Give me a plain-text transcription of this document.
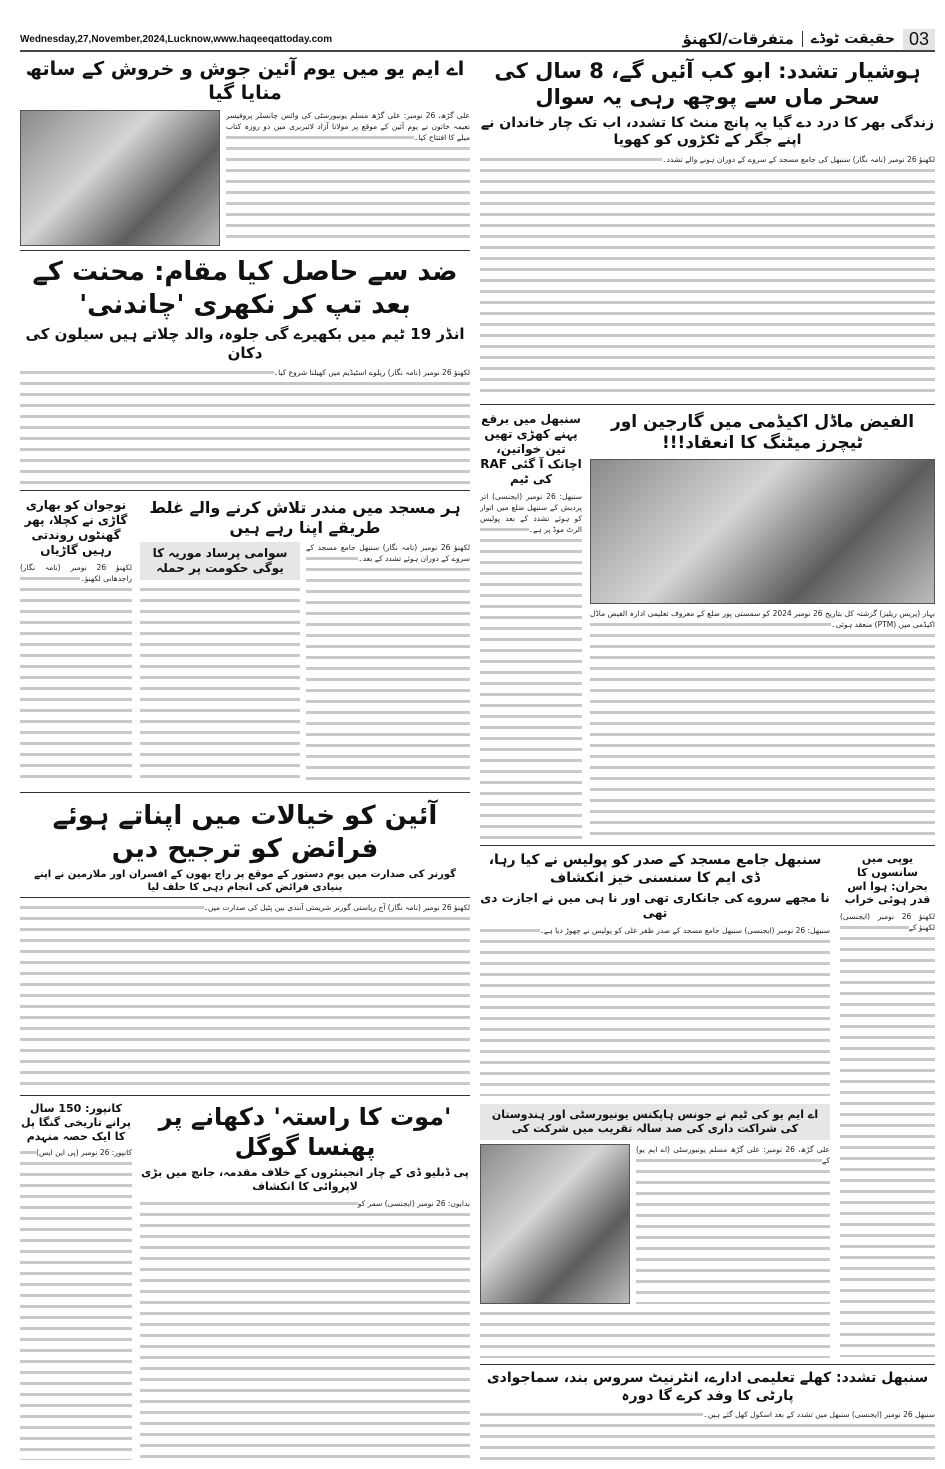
Wednesday,27,November,2024,Lucknow,www.haqeeqattoday.com	03
حقیقت ٹوڈے
متفرقات/لکھنؤ
اے ایم یو میں یوم آئین جوش و خروش کے ساتھ منایا گیا
علی گڑھ، 26 نومبر: علی گڑھ مسلم یونیورسٹی کی وائس چانسلر پروفیسر نعیمہ خاتون نے یوم آئین کے موقع پر مولانا آزاد لائبریری میں دو روزہ کتاب میلے کا افتتاح کیا۔
ہوشیار تشدد: ابو کب آئیں گے، 8 سال کی سحر ماں سے پوچھ رہی یہ سوال
زندگی بھر کا درد دے گیا یہ پانچ منٹ کا تشدد، اب تک چار خاندان نے اپنے جگر کے ٹکڑوں کو کھویا
لکھنؤ 26 نومبر (نامہ نگار) سنبھل کی جامع مسجد کے سروے کے دوران ہونے والے تشدد۔
ضد سے حاصل کیا مقام: محنت کے بعد تپ کر نکھری 'چاندنی'
انڈر 19 ٹیم میں بکھیرے گی جلوہ، والد چلاتے ہیں سیلون کی دکان
لکھنؤ 26 نومبر (نامہ نگار) ریلوے اسٹیڈیم میں کھیلنا شروع کیا۔
الفیض ماڈل اکیڈمی میں گارجین اور ٹیچرز میٹنگ کا انعقاد!!!
بہار (پریس ریلیز) گزشتہ کل بتاریخ 26 نومبر 2024 کو سمستی پور ضلع کے معروف تعلیمی ادارہ الفیض ماڈل اکیڈمی میں (PTM) منعقد ہوئی۔
سنبھل میں برقع پہنے کھڑی تھیں تین خواتین، اچانک آ گئی RAF کی ٹیم
سنبھل: 26 نومبر (ایجنسی) اتر پردیش کے سنبھل ضلع میں اتوار کو ہوئے تشدد کے بعد پولیس الرٹ موڈ پر ہے۔
ہر مسجد میں مندر تلاش کرنے والے غلط طریقے اپنا رہے ہیں
سوامی پرساد موریہ کا یوگی حکومت پر حملہ
لکھنؤ 26 نومبر (نامہ نگار) سنبھل جامع مسجد کے سروے کے دوران ہوئے تشدد کے بعد۔
نوجوان کو بھاری گاڑی نے کچلا، پھر گھنٹوں روندتی رہیں گاڑیاں
لکھنؤ 26 نومبر (نامہ نگار) راجدھانی لکھنؤ۔
آئین کو خیالات میں اپناتے ہوئے فرائض کو ترجیح دیں
گورنر کی صدارت میں یوم دستور کے موقع پر راج بھون کے افسران اور ملازمین نے اپنے بنیادی فرائض کی انجام دہی کا حلف لیا
لکھنؤ 26 نومبر (نامہ نگار) آج ریاستی گورنر شریمتی آنندی بین پٹیل کی صدارت میں۔
سنبھل جامع مسجد کے صدر کو پولیس نے کیا رہا، ڈی ایم کا سنسنی خیز انکشاف
نا مجھے سروے کی جانکاری تھی اور نا ہی میں نے اجازت دی تھی
سنبھل: 26 نومبر (ایجنسی) سنبھل جامع مسجد کے صدر ظفر علی کو پولیس نے چھوڑ دیا ہے۔
یوپی میں سانسوں کا بحران: ہوا اس قدر ہوئی خراب
لکھنؤ 26 نومبر (ایجنسی) لکھنؤ کے
کانپور: 150 سال پرانے تاریخی گنگا پل کا ایک حصہ منہدم
کانپور: 26 نومبر (پی این ایس)
'موت کا راستہ' دکھانے پر پھنسا گوگل
پی ڈبلیو ڈی کے چار انجینئروں کے خلاف مقدمہ، جانچ میں بڑی لاپروائی کا انکشاف
بدایوں: 26 نومبر (ایجنسی) سمر کو
اے ایم یو کی ٹیم نے جونس ہاپکنس یونیورسٹی اور ہندوستان کی شراکت داری کی صد سالہ تقریب میں شرکت کی
علی گڑھ، 26 نومبر: علی گڑھ مسلم یونیورسٹی (اے ایم یو) کے
سنبھل تشدد: کھلے تعلیمی ادارے، انٹرنیٹ سروس بند، سماجوادی پارٹی کا وفد کرے گا دورہ
سنبھل 26 نومبر (ایجنسی) سنبھل میں تشدد کے بعد اسکول کھل گئے ہیں۔
